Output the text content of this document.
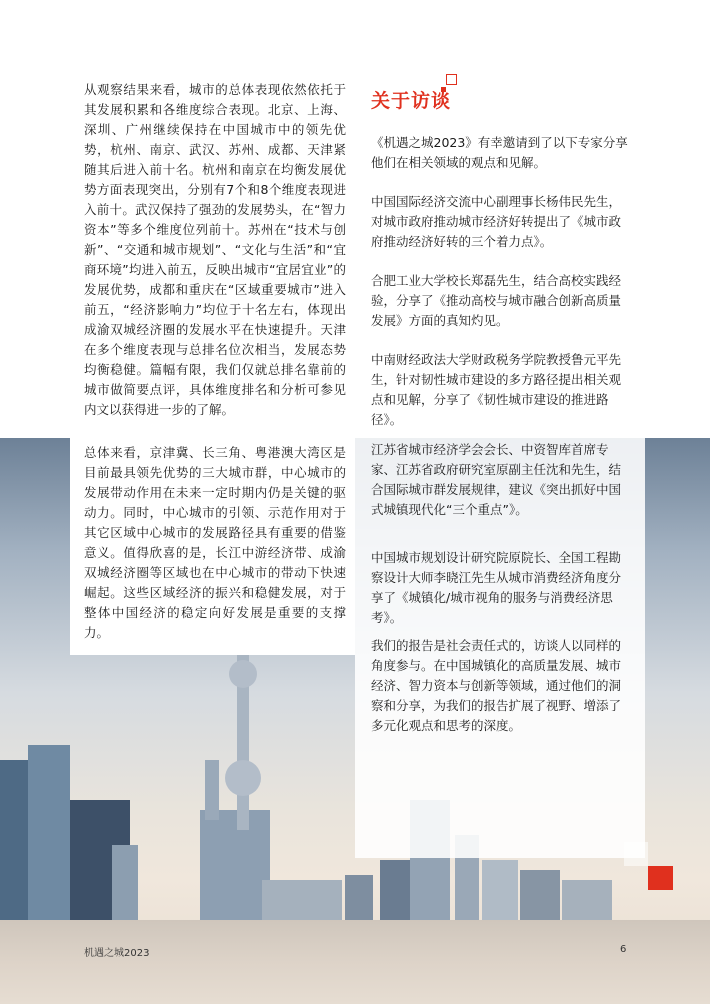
从观察结果来看，城市的总体表现依然依托于其发展积累和各维度综合表现。北京、上海、深圳、广州继续保持在中国城市中的领先优势，杭州、南京、武汉、苏州、成都、天津紧随其后进入前十名。杭州和南京在均衡发展优势方面表现突出，分别有7个和8个维度表现进入前十。武汉保持了强劲的发展势头，在“智力资本”等多个维度位列前十。苏州在“技术与创新”、“交通和城市规划”、“文化与生活”和“宜商环境”均进入前五，反映出城市“宜居宜业”的发展优势，成都和重庆在“区域重要城市”进入前五，“经济影响力”均位于十名左右，体现出成渝双城经济圈的发展水平在快速提升。天津在多个维度表现与总排名位次相当，发展态势均衡稳健。篇幅有限，我们仅就总排名靠前的城市做简要点评，具体维度排名和分析可参见内文以获得进一步的了解。
总体来看，京津冀、长三角、粤港澳大湾区是目前最具领先优势的三大城市群，中心城市的发展带动作用在未来一定时期内仍是关键的驱动力。同时，中心城市的引领、示范作用对于其它区域中心城市的发展路径具有重要的借鉴意义。值得欣喜的是，长江中游经济带、成渝双城经济圈等区域也在中心城市的带动下快速崛起。这些区域经济的振兴和稳健发展，对于整体中国经济的稳定向好发展是重要的支撑力。
关于访谈
《机遇之城2023》有幸邀请到了以下专家分享他们在相关领域的观点和见解。
中国国际经济交流中心副理事长杨伟民先生，对城市政府推动城市经济好转提出了《城市政府推动经济好转的三个着力点》。
合肥工业大学校长郑磊先生，结合高校实践经验，分享了《推动高校与城市融合创新高质量发展》方面的真知灼见。
中南财经政法大学财政税务学院教授鲁元平先生，针对韧性城市建设的多方路径提出相关观点和见解，分享了《韧性城市建设的推进路径》。
江苏省城市经济学会会长、中资智库首席专家、江苏省政府研究室原副主任沈和先生，结合国际城市群发展规律，建议《突出抓好中国式城镇现代化“三个重点”》。
中国城市规划设计研究院原院长、全国工程勘察设计大师李晓江先生从城市消费经济角度分享了《城镇化/城市视角的服务与消费经济思考》。
我们的报告是社会责任式的，访谈人以同样的角度参与。在中国城镇化的高质量发展、城市经济、智力资本与创新等领域，通过他们的洞察和分享，为我们的报告扩展了视野、增添了多元化观点和思考的深度。
机遇之城2023	6
